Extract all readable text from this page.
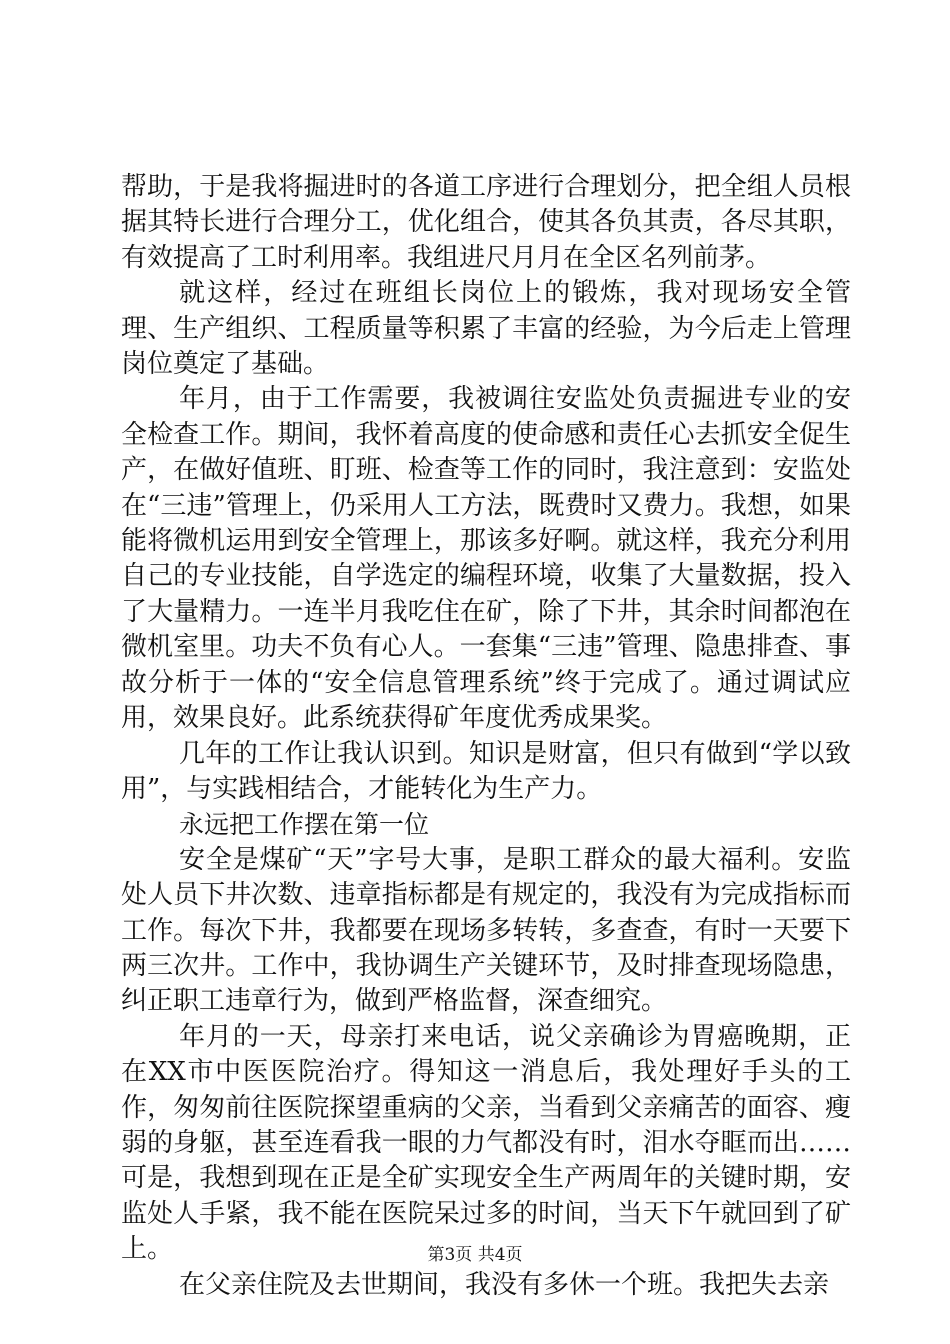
帮助，于是我将掘进时的各道工序进行合理划分，把全组人员根据其特长进行合理分工，优化组合，使其各负其责，各尽其职，有效提高了工时利用率。我组进尺月月在全区名列前茅。

就这样，经过在班组长岗位上的锻炼，我对现场安全管理、生产组织、工程质量等积累了丰富的经验，为今后走上管理岗位奠定了基础。

年月，由于工作需要，我被调往安监处负责掘进专业的安全检查工作。期间，我怀着高度的使命感和责任心去抓安全促生产，在做好值班、盯班、检查等工作的同时，我注意到：安监处在“三违”管理上，仍采用人工方法，既费时又费力。我想，如果能将微机运用到安全管理上，那该多好啊。就这样，我充分利用自己的专业技能，自学选定的编程环境，收集了大量数据，投入了大量精力。一连半月我吃住在矿，除了下井，其余时间都泡在微机室里。功夫不负有心人。一套集“三违”管理、隐患排查、事故分析于一体的“安全信息管理系统”终于完成了。通过调试应用，效果良好。此系统获得矿年度优秀成果奖。

几年的工作让我认识到。知识是财富，但只有做到“学以致用”，与实践相结合，才能转化为生产力。

永远把工作摆在第一位

安全是煤矿“天”字号大事，是职工群众的最大福利。安监处人员下井次数、违章指标都是有规定的，我没有为完成指标而工作。每次下井，我都要在现场多转转，多查查，有时一天要下两三次井。工作中，我协调生产关键环节，及时排查现场隐患，纠正职工违章行为，做到严格监督，深查细究。

年月的一天，母亲打来电话，说父亲确诊为胃癌晚期，正在XX市中医医院治疗。得知这一消息后，我处理好手头的工作，匆匆前往医院探望重病的父亲，当看到父亲痛苦的面容、瘦弱的身躯，甚至连看我一眼的力气都没有时，泪水夺眶而出……可是，我想到现在正是全矿实现安全生产两周年的关键时期，安监处人手紧，我不能在医院呆过多的时间，当天下午就回到了矿上。

在父亲住院及去世期间，我没有多休一个班。我把失去亲

第3页 共4页
